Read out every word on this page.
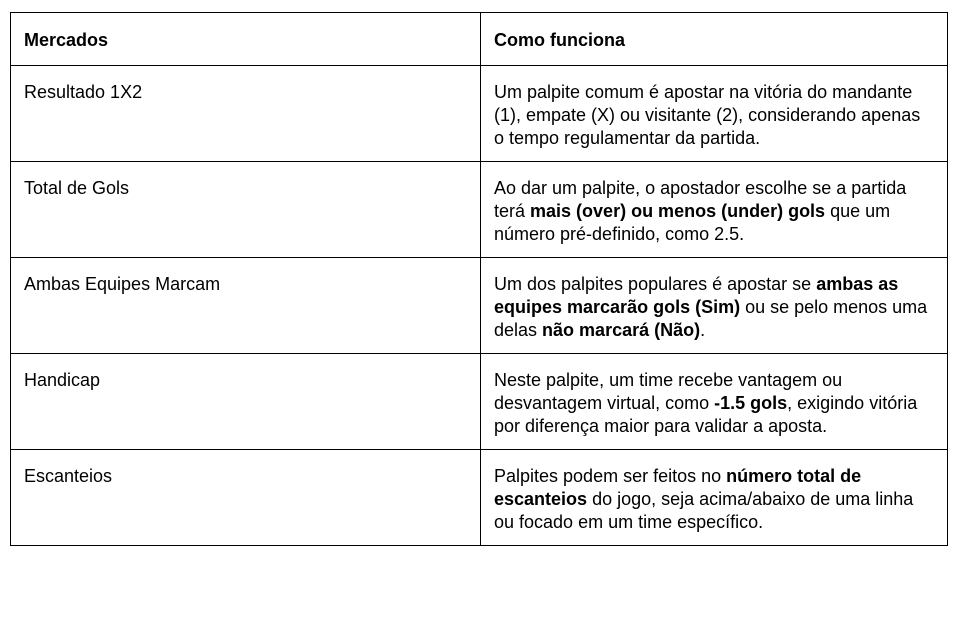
Mercados	Como funciona
Resultado 1X2	Um palpite comum é apostar na vitória do mandante (1), empate (X) ou visitante (2), considerando apenas o tempo regulamentar da partida.
Total de Gols	Ao dar um palpite, o apostador escolhe se a partida terá mais (over) ou menos (under) gols que um número pré-definido, como 2.5.
Ambas Equipes Marcam	Um dos palpites populares é apostar se ambas as equipes marcarão gols (Sim) ou se pelo menos uma delas não marcará (Não).
Handicap	Neste palpite, um time recebe vantagem ou desvantagem virtual, como -1.5 gols, exigindo vitória por diferença maior para validar a aposta.
Escanteios	Palpites podem ser feitos no número total de escanteios do jogo, seja acima/abaixo de uma linha ou focado em um time específico.
